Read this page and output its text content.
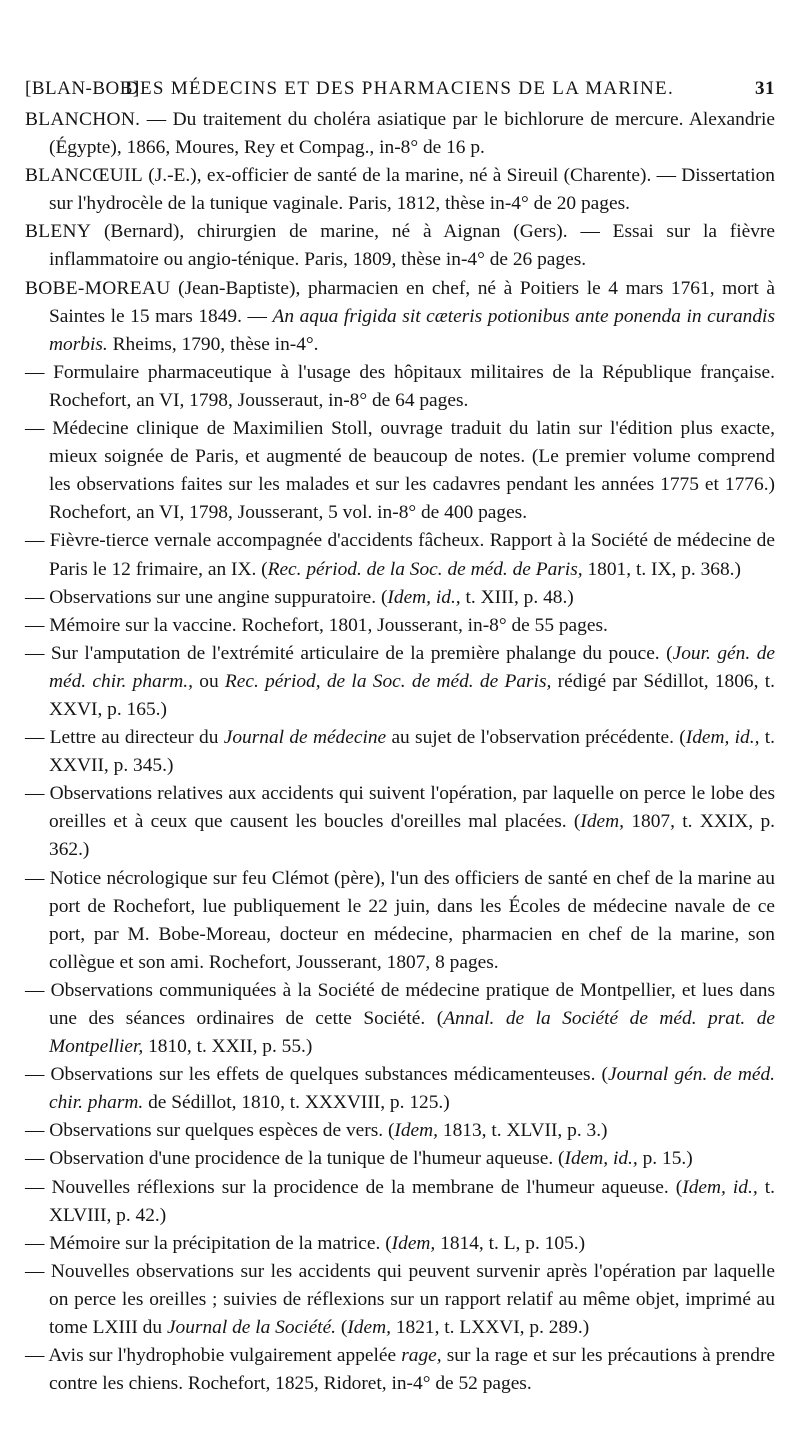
[BLAN-BOB]
DES MÉDECINS ET DES PHARMACIENS DE LA MARINE.	31

BLANCHON. — Du traitement du choléra asiatique par le bichlorure de mercure. Alexandrie (Égypte), 1866, Moures, Rey et Compag., in-8° de 16 p.

BLANCŒUIL (J.-E.), ex-officier de santé de la marine, né à Sireuil (Charente). — Dissertation sur l'hydrocèle de la tunique vaginale. Paris, 1812, thèse in-4° de 20 pages.

BLENY (Bernard), chirurgien de marine, né à Aignan (Gers). — Essai sur la fièvre inflammatoire ou angio-ténique. Paris, 1809, thèse in-4° de 26 pages.

BOBE-MOREAU (Jean-Baptiste), pharmacien en chef, né à Poitiers le 4 mars 1761, mort à Saintes le 15 mars 1849. — An aqua frigida sit cæteris potionibus ante ponenda in curandis morbis. Rheims, 1790, thèse in-4°.

— Formulaire pharmaceutique à l'usage des hôpitaux militaires de la République française. Rochefort, an VI, 1798, Jousseraut, in-8° de 64 pages.

— Médecine clinique de Maximilien Stoll, ouvrage traduit du latin sur l'édition plus exacte, mieux soignée de Paris, et augmenté de beaucoup de notes. (Le premier volume comprend les observations faites sur les malades et sur les cadavres pendant les années 1775 et 1776.) Rochefort, an VI, 1798, Jousserant, 5 vol. in-8° de 400 pages.

— Fièvre-tierce vernale accompagnée d'accidents fâcheux. Rapport à la Société de médecine de Paris le 12 frimaire, an IX. (Rec. périod. de la Soc. de méd. de Paris, 1801, t. IX, p. 368.)

— Observations sur une angine suppuratoire. (Idem, id., t. XIII, p. 48.)

— Mémoire sur la vaccine. Rochefort, 1801, Jousserant, in-8° de 55 pages.

— Sur l'amputation de l'extrémité articulaire de la première phalange du pouce. (Jour. gén. de méd. chir. pharm., ou Rec. périod, de la Soc. de méd. de Paris, rédigé par Sédillot, 1806, t. XXVI, p. 165.)

— Lettre au directeur du Journal de médecine au sujet de l'observation précédente. (Idem, id., t. XXVII, p. 345.)

— Observations relatives aux accidents qui suivent l'opération, par laquelle on perce le lobe des oreilles et à ceux que causent les boucles d'oreilles mal placées. (Idem, 1807, t. XXIX, p. 362.)

— Notice nécrologique sur feu Clémot (père), l'un des officiers de santé en chef de la marine au port de Rochefort, lue publiquement le 22 juin, dans les Écoles de médecine navale de ce port, par M. Bobe-Moreau, docteur en médecine, pharmacien en chef de la marine, son collègue et son ami. Rochefort, Jousserant, 1807, 8 pages.

— Observations communiquées à la Société de médecine pratique de Montpellier, et lues dans une des séances ordinaires de cette Société. (Annal. de la Société de méd. prat. de Montpellier, 1810, t. XXII, p. 55.)

— Observations sur les effets de quelques substances médicamenteuses. (Journal gén. de méd. chir. pharm. de Sédillot, 1810, t. XXXVIII, p. 125.)

— Observations sur quelques espèces de vers. (Idem, 1813, t. XLVII, p. 3.)

— Observation d'une procidence de la tunique de l'humeur aqueuse. (Idem, id., p. 15.)

— Nouvelles réflexions sur la procidence de la membrane de l'humeur aqueuse. (Idem, id., t. XLVIII, p. 42.)

— Mémoire sur la précipitation de la matrice. (Idem, 1814, t. L, p. 105.)

— Nouvelles observations sur les accidents qui peuvent survenir après l'opération par laquelle on perce les oreilles ; suivies de réflexions sur un rapport relatif au même objet, imprimé au tome LXIII du Journal de la Société. (Idem, 1821, t. LXXVI, p. 289.)

— Avis sur l'hydrophobie vulgairement appelée rage, sur la rage et sur les précautions à prendre contre les chiens. Rochefort, 1825, Ridoret, in-4° de 52 pages.
